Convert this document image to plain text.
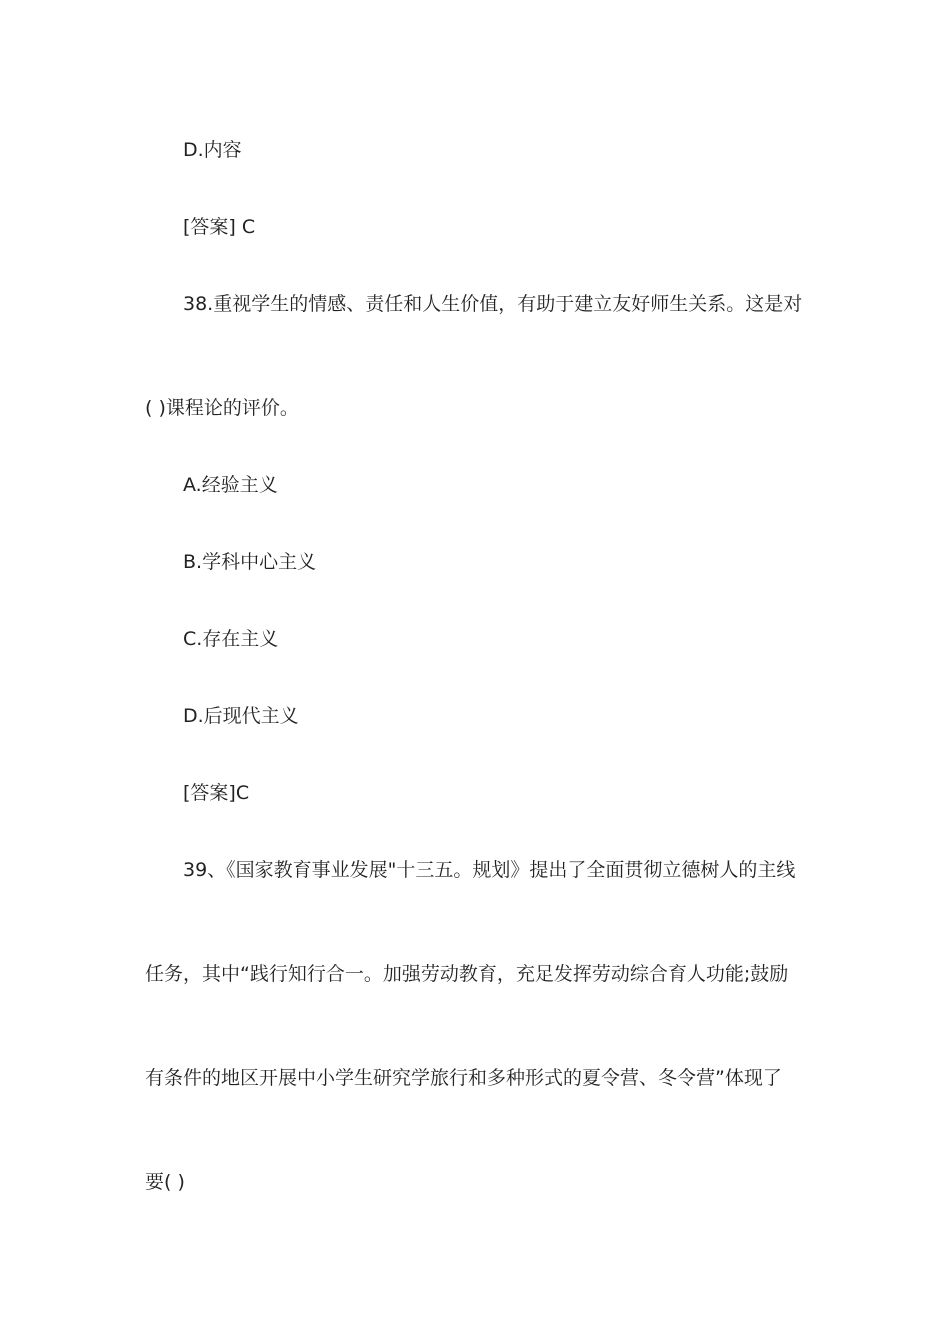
D.内容
[答案] C
38.重视学生的情感、责任和人生价值，有助于建立友好师生关系。这是对
( )课程论的评价。
A.经验主义
B.学科中心主义
C.存在主义
D.后现代主义
[答案]C
39、《国家教育事业发展"十三五。规划》提出了全面贯彻立德树人的主线
任务，其中“践行知行合一。加强劳动教育，充足发挥劳动综合育人功能;鼓励
有条件的地区开展中小学生研究学旅行和多种形式的夏令营、冬令营”体现了
要( )
